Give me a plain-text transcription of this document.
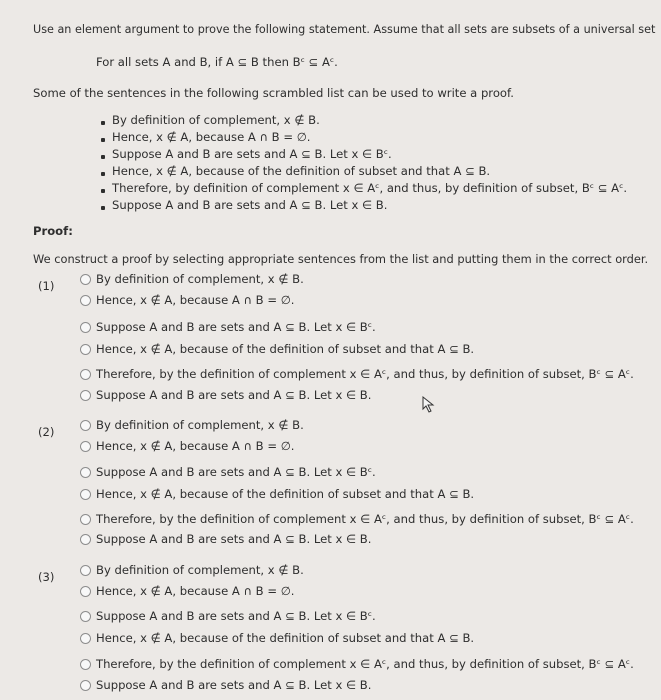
Use an element argument to prove the following statement. Assume that all sets are subsets of a universal set
For all sets A and B, if A ⊆ B then Bᶜ ⊆ Aᶜ.
Some of the sentences in the following scrambled list can be used to write a proof.
By definition of complement, x ∉ B.
Hence, x ∉ A, because A ∩ B = ∅.
Suppose A and B are sets and A ⊆ B. Let x ∈ Bᶜ.
Hence, x ∉ A, because of the definition of subset and that A ⊆ B.
Therefore, by definition of complement x ∈ Aᶜ, and thus, by definition of subset, Bᶜ ⊆ Aᶜ.
Suppose A and B are sets and A ⊆ B. Let x ∈ B.
Proof:
We construct a proof by selecting appropriate sentences from the list and putting them in the correct order.
(1)	By definition of complement, x ∉ B.
Hence, x ∉ A, because A ∩ B = ∅.
Suppose A and B are sets and A ⊆ B. Let x ∈ Bᶜ.
Hence, x ∉ A, because of the definition of subset and that A ⊆ B.
Therefore, by the definition of complement x ∈ Aᶜ, and thus, by definition of subset, Bᶜ ⊆ Aᶜ.
Suppose A and B are sets and A ⊆ B. Let x ∈ B.
(2)	By definition of complement, x ∉ B.
Hence, x ∉ A, because A ∩ B = ∅.
Suppose A and B are sets and A ⊆ B. Let x ∈ Bᶜ.
Hence, x ∉ A, because of the definition of subset and that A ⊆ B.
Therefore, by the definition of complement x ∈ Aᶜ, and thus, by definition of subset, Bᶜ ⊆ Aᶜ.
Suppose A and B are sets and A ⊆ B. Let x ∈ B.
(3)	By definition of complement, x ∉ B.
Hence, x ∉ A, because A ∩ B = ∅.
Suppose A and B are sets and A ⊆ B. Let x ∈ Bᶜ.
Hence, x ∉ A, because of the definition of subset and that A ⊆ B.
Therefore, by the definition of complement x ∈ Aᶜ, and thus, by definition of subset, Bᶜ ⊆ Aᶜ.
Suppose A and B are sets and A ⊆ B. Let x ∈ B.
